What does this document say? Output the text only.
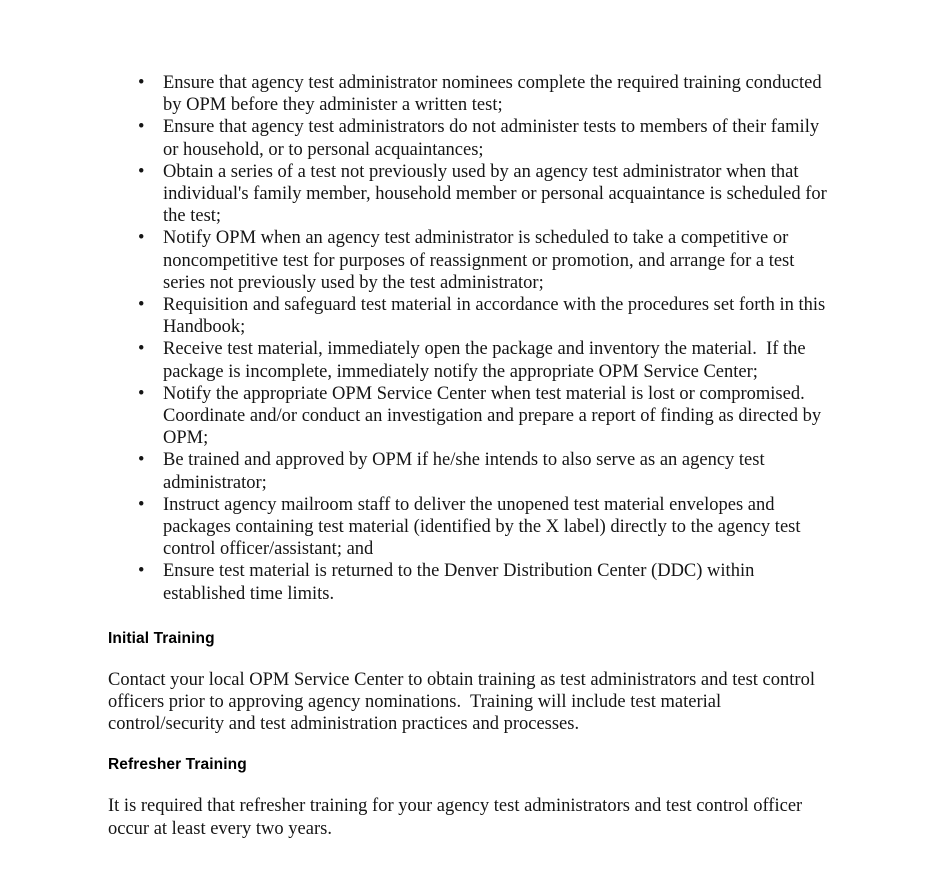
• Ensure that agency test administrator nominees complete the required training conducted by OPM before they administer a written test;
• Ensure that agency test administrators do not administer tests to members of their family or household, or to personal acquaintances;
• Obtain a series of a test not previously used by an agency test administrator when that individual's family member, household member or personal acquaintance is scheduled for the test;
• Notify OPM when an agency test administrator is scheduled to take a competitive or noncompetitive test for purposes of reassignment or promotion, and arrange for a test series not previously used by the test administrator;
• Requisition and safeguard test material in accordance with the procedures set forth in this Handbook;
• Receive test material, immediately open the package and inventory the material.  If the package is incomplete, immediately notify the appropriate OPM Service Center;
• Notify the appropriate OPM Service Center when test material is lost or compromised.  Coordinate and/or conduct an investigation and prepare a report of finding as directed by OPM;
• Be trained and approved by OPM if he/she intends to also serve as an agency test administrator;
• Instruct agency mailroom staff to deliver the unopened test material envelopes and packages containing test material (identified by the X label) directly to the agency test control officer/assistant; and
• Ensure test material is returned to the Denver Distribution Center (DDC) within established time limits.
Initial Training

Contact your local OPM Service Center to obtain training as test administrators and test control officers prior to approving agency nominations.  Training will include test material control/security and test administration practices and processes.

Refresher Training

It is required that refresher training for your agency test administrators and test control officer occur at least every two years.
